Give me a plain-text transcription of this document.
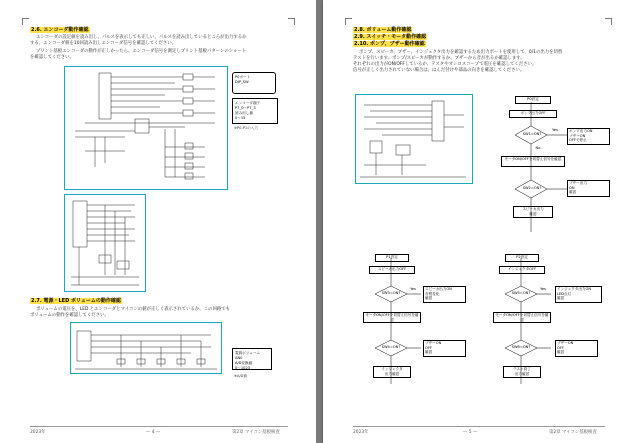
2.6. エンコーダ動作確認
エンコーダの設定値を読み出し、パルスを表示しても正しい、パルスを読み出しているところが出力するか
する。エンコーダ値を10回読み出しエンコーダ信号を確認してください。
プリント基板エンコーダの動作が正しかったら、エンコーダ信号を測定しプリント基板パターンのショート
を確認してください。
P0ポート
DIP_SW
エンコーダ端子
P7_0〜P7_3
読み出し値
0〜15
※P0-P1の入力
2.7. 電源・LED ボリュームの動作確認
ボリュームの電圧を、LED とエンコーダとマイコンの値が正しく表示されているか、この回路でも
ボリュームの動作を確認してください。
電源ボリューム
AN0
A/D変換値
0〜1023
※A/D値
2023年	— 4 —	第2章 マイコン基板検査
2.8. ボリューム動作確認
2.9. スイッチ・モータ動作確認
2.10. ポンプ、ブザー動作確認
ボンプ、スピーカ、ブザー、インジェクタ出力を確認するため出力ポートを使用して、0/1の出力を切替
テストを行います。ポンプ/スピーカが動作するか、ブザーから音が出るか確認します。
それぞれの出力がON/OFFしているか、テスタやオシロスコープで電圧を確認してください。
信号が正しく出力されていない場合は、はんだ付けや部品の向きを確認してください。
P0設定
ポンプ出力OFF
SW1=ON?
Yes
No
ポンプ出力ON
ブザーON
OFFで停止
モータON/OFFを切替え信号を確認
SW2=ON?
ブザー出力
ON
確認
スピーカ出力
確認
P1設定
スピーカ出力OFF
SW3=ON?
Yes	スピーカ出力ON
音程変化
確認
モータON/OFFを切替え信号を確認
SW4=ON?
ブザーON
OFF
確認
インジェクタ
出力確認
P2設定
インジェクタOFF
SW5=ON?
Yes	インジェクタ出力ON
LED点灯
確認
モータON/OFFを切替え信号を確認
SW6=ON?
ブザーON
OFF
確認
テスト終了
出力確認
2023年	— 5 —	第2章 マイコン基板検査
